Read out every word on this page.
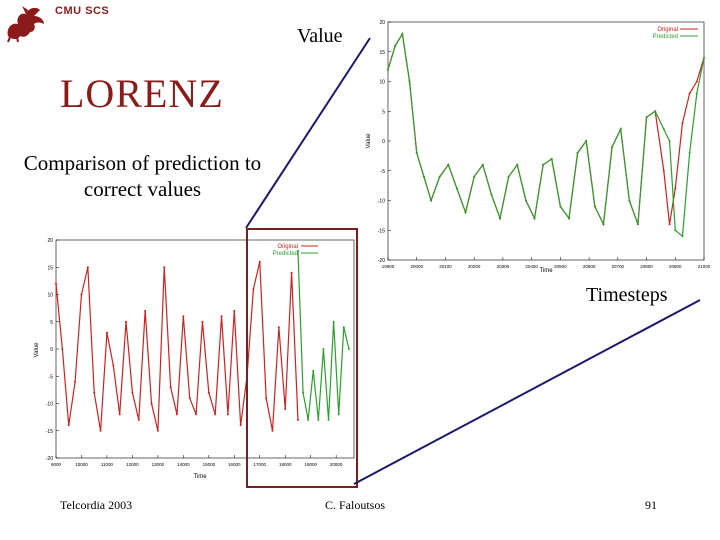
CMU SCS
LORENZ
Comparison of prediction to correct values
Value
Timesteps
-20
-15
-10
-5
0
5
10
15
20
9000	10000	11000	12000	13000	14000	15000	16000	17000	18000	19000	20000
Original
Predicted
Time
Value
-20
-15
-10
-5
0
5
10
15
20
19900	20000	20100	20200	20300	20400	20500	20600	20700	20800	20900	21000
Original
Predicted
Time
Value
Telcordia 2003	C. Faloutsos	91
